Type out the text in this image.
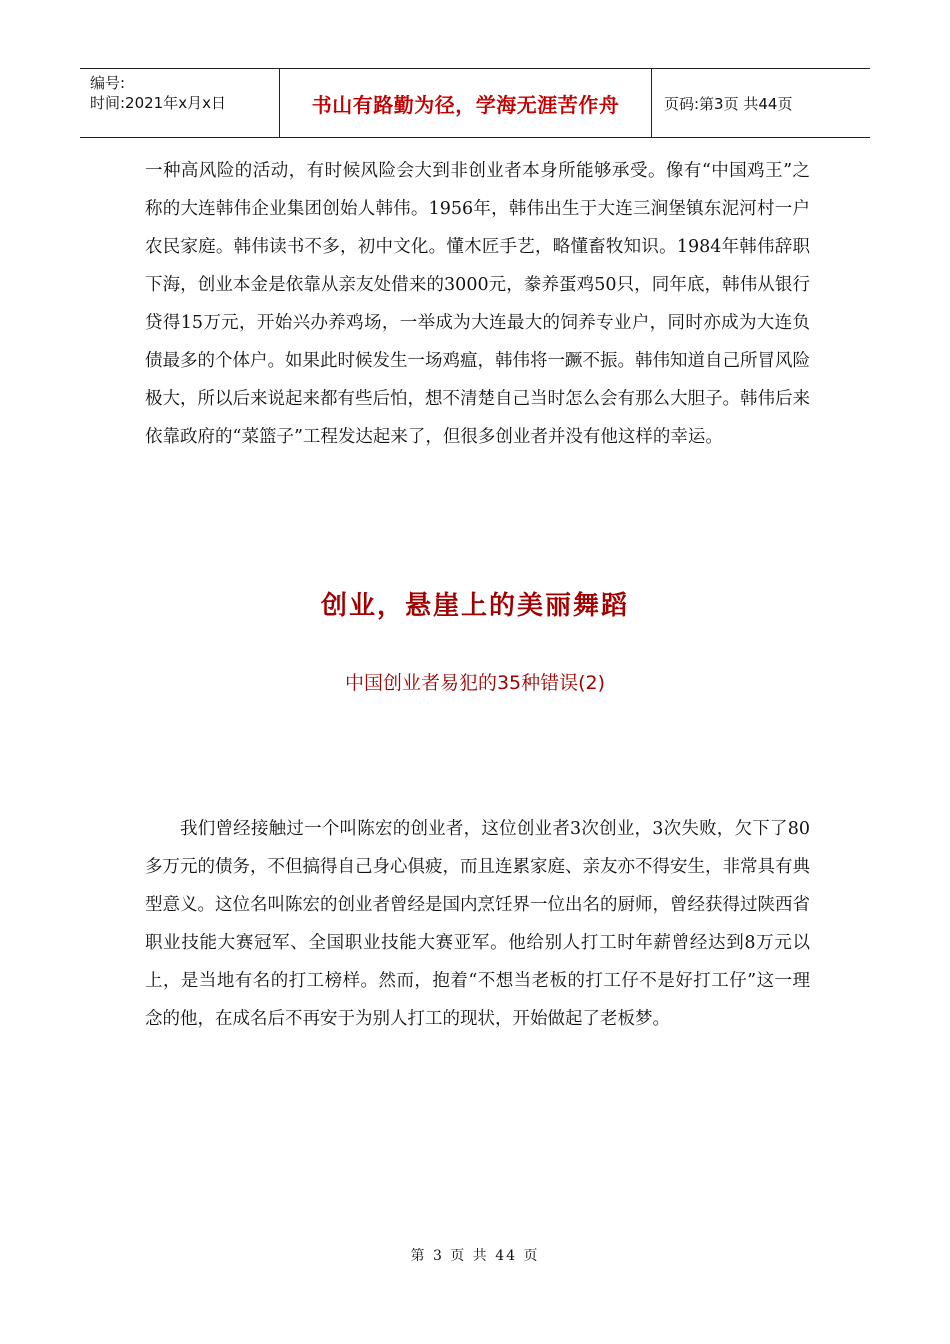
编号:
时间:2021年x月x日	书山有路勤为径，学海无涯苦作舟	页码:第3页 共44页

一种高风险的活动，有时候风险会大到非创业者本身所能够承受。像有“中国鸡王”之称的大连韩伟企业集团创始人韩伟。1956年，韩伟出生于大连三涧堡镇东泥河村一户农民家庭。韩伟读书不多，初中文化。懂木匠手艺，略懂畜牧知识。1984年韩伟辞职下海，创业本金是依靠从亲友处借来的3000元，豢养蛋鸡50只，同年底，韩伟从银行贷得15万元，开始兴办养鸡场，一举成为大连最大的饲养专业户，同时亦成为大连负债最多的个体户。如果此时候发生一场鸡瘟，韩伟将一蹶不振。韩伟知道自己所冒风险极大，所以后来说起来都有些后怕，想不清楚自己当时怎么会有那么大胆子。韩伟后来依靠政府的“菜篮子”工程发达起来了，但很多创业者并没有他这样的幸运。

创业，悬崖上的美丽舞蹈
中国创业者易犯的35种错误(2)

我们曾经接触过一个叫陈宏的创业者，这位创业者3次创业，3次失败，欠下了80多万元的债务，不但搞得自己身心俱疲，而且连累家庭、亲友亦不得安生，非常具有典型意义。这位名叫陈宏的创业者曾经是国内烹饪界一位出名的厨师，曾经获得过陕西省职业技能大赛冠军、全国职业技能大赛亚军。他给别人打工时年薪曾经达到8万元以上，是当地有名的打工榜样。然而，抱着“不想当老板的打工仔不是好打工仔”这一理念的他，在成名后不再安于为别人打工的现状，开始做起了老板梦。

第 3 页 共 44 页
